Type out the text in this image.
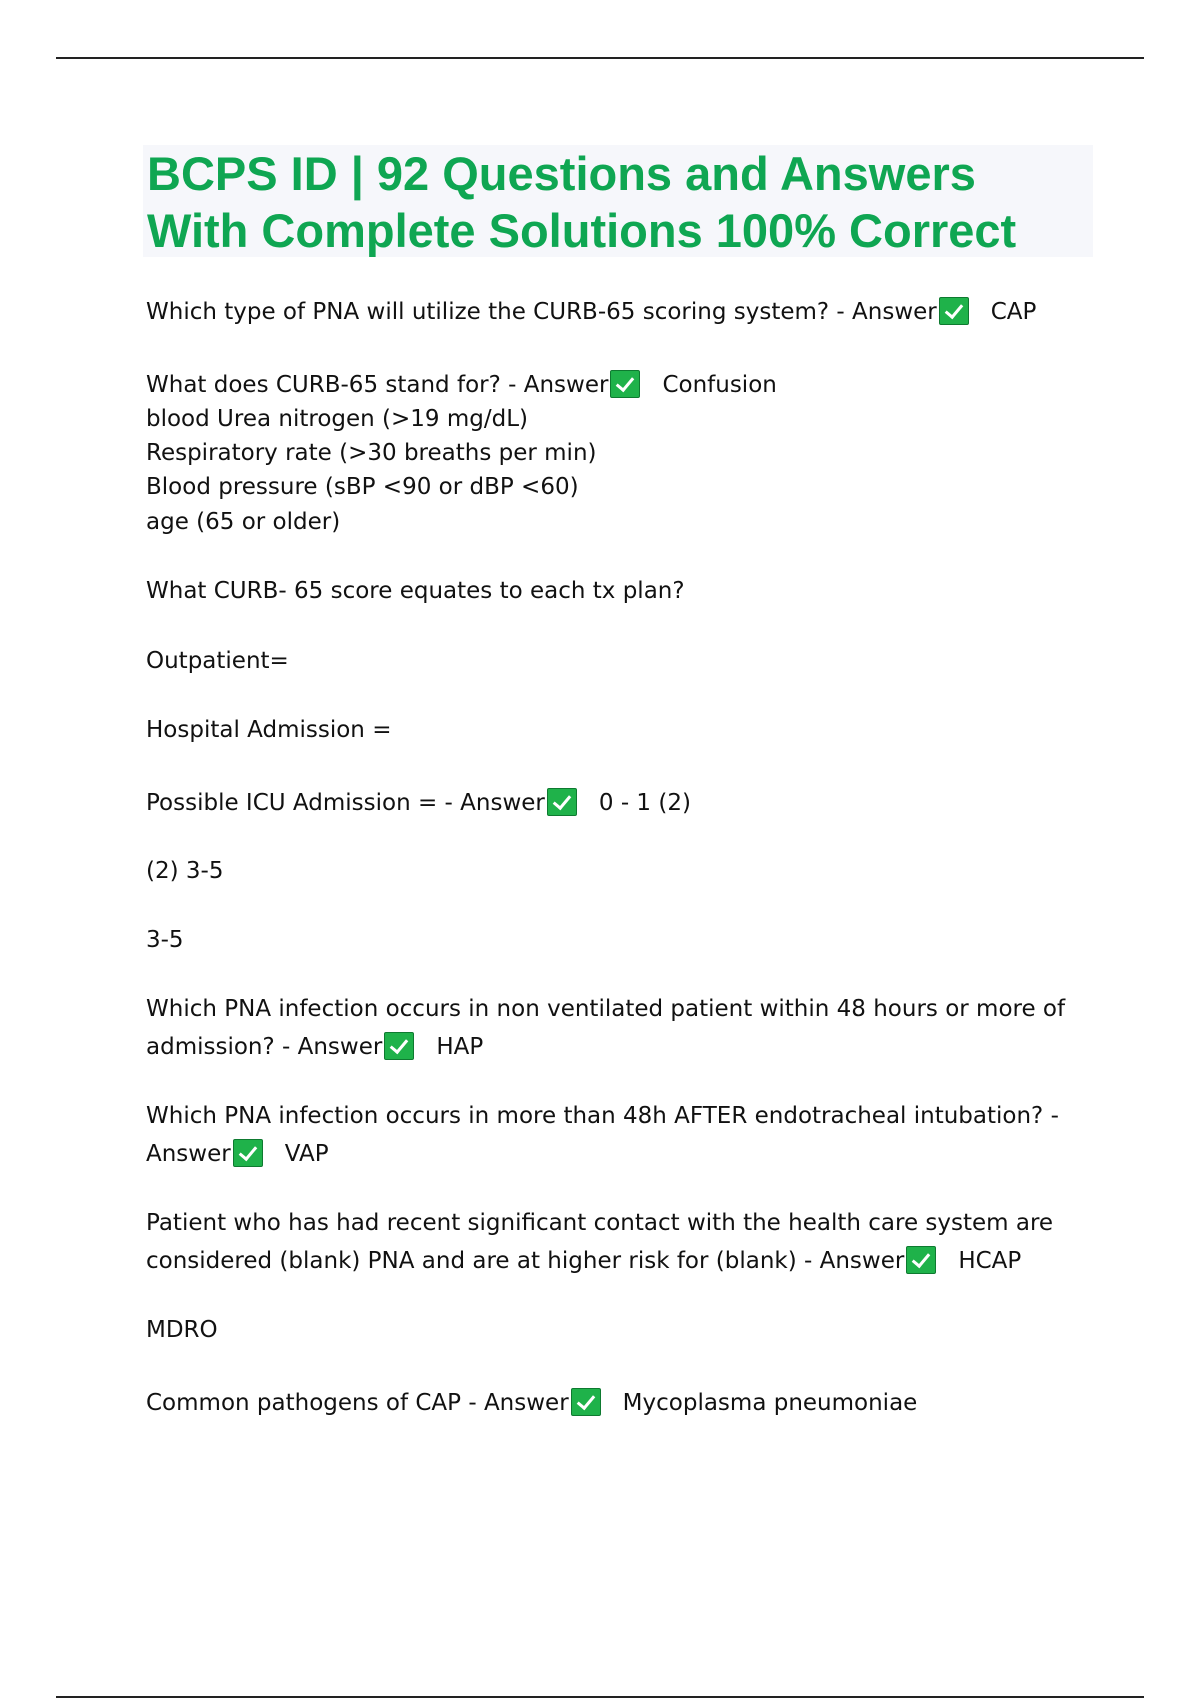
BCPS ID | 92 Questions and Answers
With Complete Solutions 100% Correct
Which type of PNA will utilize the CURB-65 scoring system? - Answer CAP
What does CURB-65 stand for? - Answer Confusion
blood Urea nitrogen (>19 mg/dL)
Respiratory rate (>30 breaths per min)
Blood pressure (sBP <90 or dBP <60)
age (65 or older)
What CURB- 65 score equates to each tx plan?
Outpatient=
Hospital Admission =
Possible ICU Admission = - Answer 0 - 1 (2)
(2) 3-5
3-5
Which PNA infection occurs in non ventilated patient within 48 hours or more of
admission? - Answer HAP
Which PNA infection occurs in more than 48h AFTER endotracheal intubation? -
Answer VAP
Patient who has had recent significant contact with the health care system are
considered (blank) PNA and are at higher risk for (blank) - Answer HCAP
MDRO
Common pathogens of CAP - Answer Mycoplasma pneumoniae
